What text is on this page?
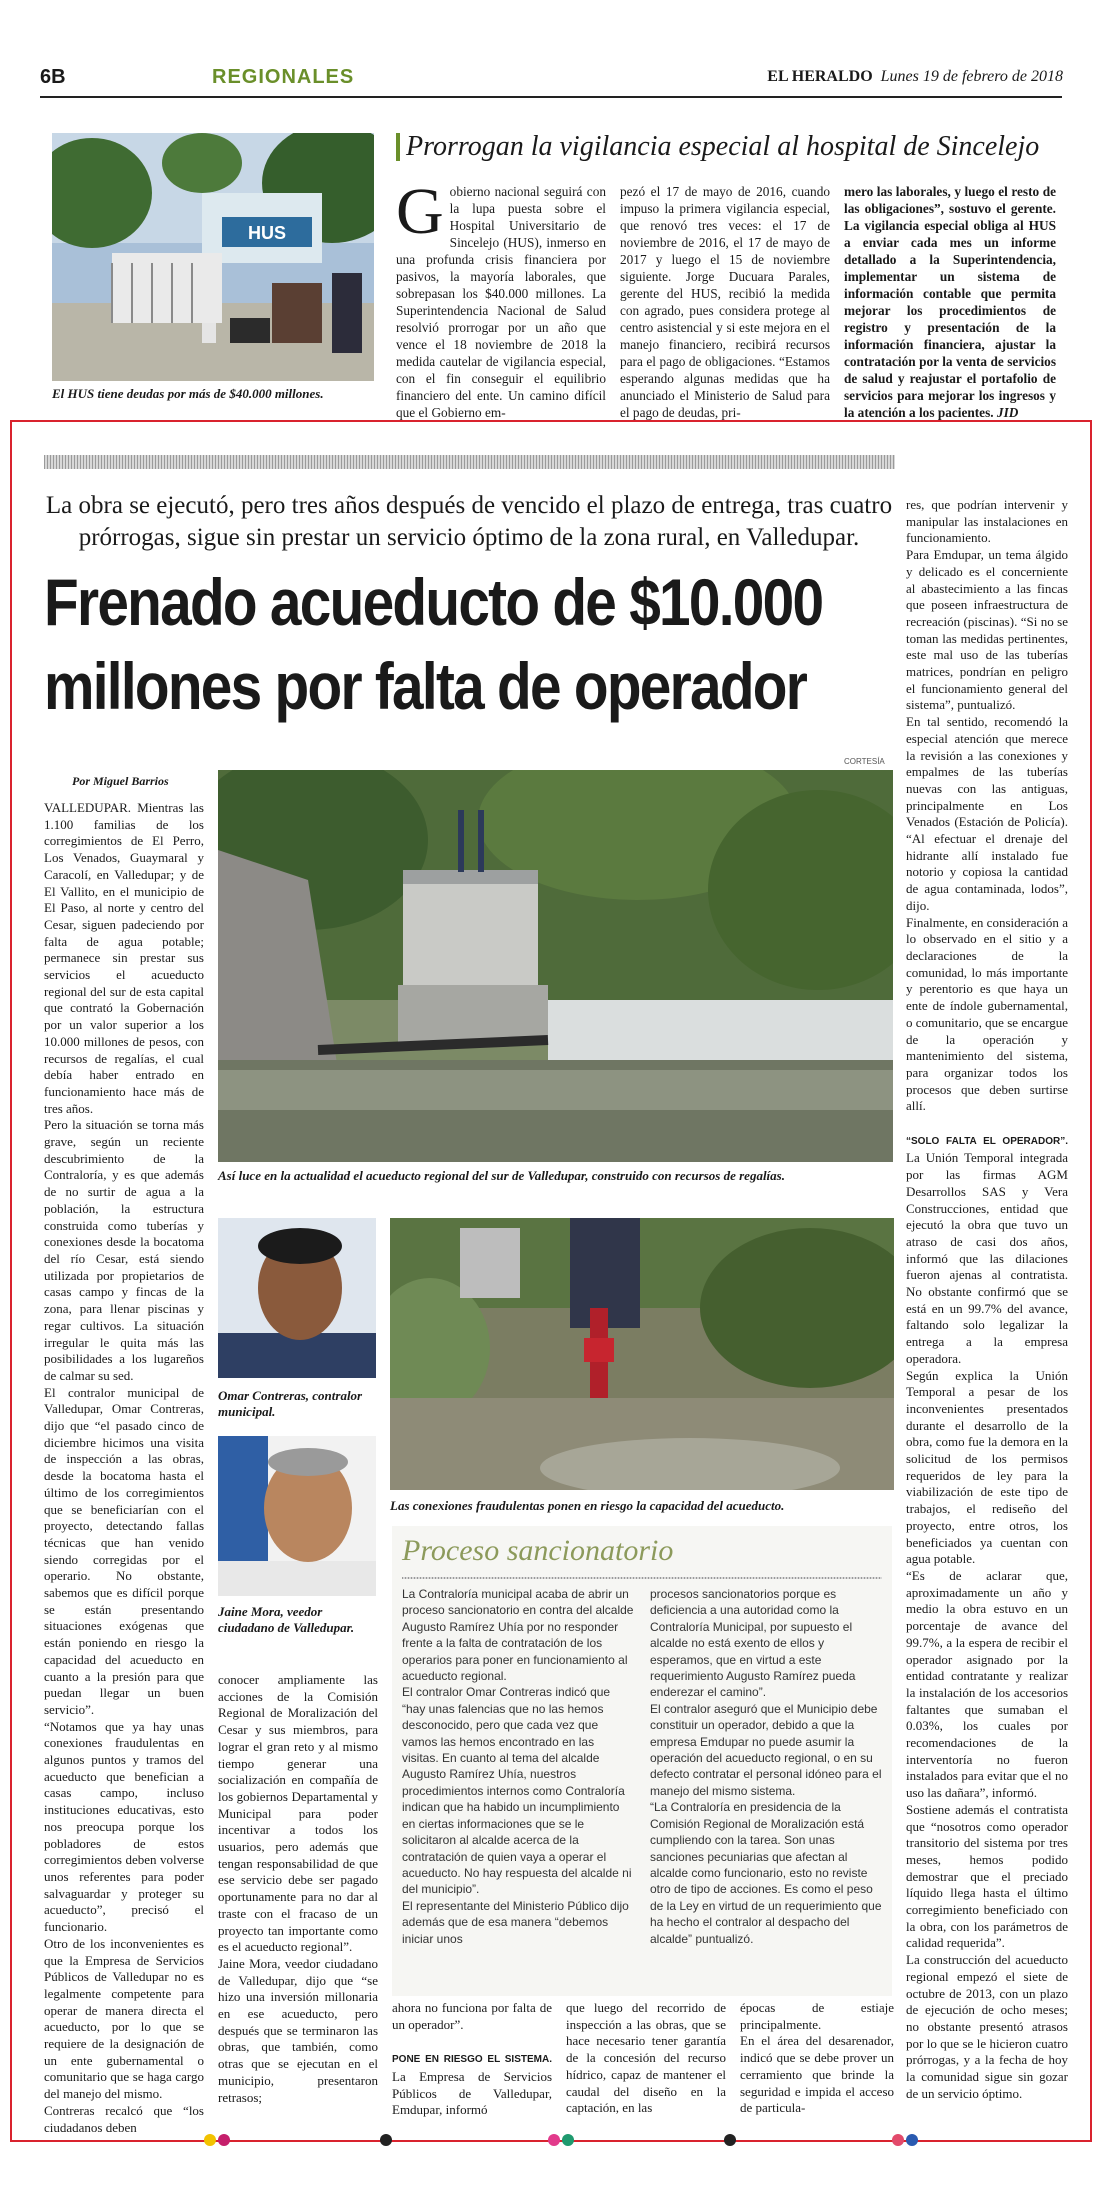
6B	REGIONALES	EL HERALDO Lunes 19 de febrero de 2018
HUS
El HUS tiene deudas por más de $40.000 millones.
Prorrogan la vigilancia especial al hospital de Sincelejo
Gobierno nacional seguirá con la lupa puesta sobre el Hospital Universitario de Sincelejo (HUS), inmerso en una profunda crisis financiera por pasivos, la mayoría laborales, que sobrepasan los $40.000 millones. La Superintendencia Nacional de Salud resolvió prorrogar por un año que vence el 18 noviembre de 2018 la medida cautelar de vigilancia especial, con el fin conseguir el equilibrio financiero del ente. Un camino difícil que el Gobierno em-
pezó el 17 de mayo de 2016, cuando impuso la primera vigilancia especial, que renovó tres veces: el 17 de noviembre de 2016, el 17 de mayo de 2017 y luego el 15 de noviembre siguiente. Jorge Ducuara Parales, gerente del HUS, recibió la medida con agrado, pues considera protege al centro asistencial y si este mejora en el manejo financiero, recibirá recursos para el pago de obligaciones. “Estamos esperando algunas medidas que ha anunciado el Ministerio de Salud para el pago de deudas, pri-
mero las laborales, y luego el resto de las obligaciones”, sostuvo el gerente. La vigilancia especial obliga al HUS a enviar cada mes un informe detallado a la Superintendencia, implementar un sistema de información contable que permita mejorar los procedimientos de registro y presentación de la información financiera, ajustar la contratación por la venta de servicios de salud y reajustar el portafolio de servicios para mejorar los ingresos y la atención a los pacientes. JID
La obra se ejecutó, pero tres años después de vencido el plazo de entrega, tras cuatro prórrogas, sigue sin prestar un servicio óptimo de la zona rural, en Valledupar.
Frenado acueducto de $10.000
millones por falta de operador
Por Miguel Barrios
CORTESÍA
VALLEDUPAR. Mientras las 1.100 familias de los corregimientos de El Perro, Los Venados, Guaymaral y Caracolí, en Valledupar; y de El Vallito, en el municipio de El Paso, al norte y centro del Cesar, siguen padeciendo por falta de agua potable; permanece sin prestar sus servicios el acueducto regional del sur de esta capital que contrató la Gobernación por un valor superior a los 10.000 millones de pesos, con recursos de regalías, el cual debía haber entrado en funcionamiento hace más de tres años.
Pero la situación se torna más grave, según un reciente descubrimiento de la Contraloría, y es que además de no surtir de agua a la población, la estructura construida como tuberías y conexiones desde la bocatoma del río Cesar, está siendo utilizada por propietarios de casas campo y fincas de la zona, para llenar piscinas y regar cultivos. La situación irregular le quita más las posibilidades a los lugareños de calmar su sed.
El contralor municipal de Valledupar, Omar Contreras, dijo que “el pasado cinco de diciembre hicimos una visita de inspección a las obras, desde la bocatoma hasta el último de los corregimientos que se beneficiarían con el proyecto, detectando fallas técnicas que han venido siendo corregidas por el operario. No obstante, sabemos que es difícil porque se están presentando situaciones exógenas que están poniendo en riesgo la capacidad del acueducto en cuanto a la presión para que puedan llegar un buen servicio”.
“Notamos que ya hay unas conexiones fraudulentas en algunos puntos y tramos del acueducto que benefician a casas campo, incluso instituciones educativas, esto nos preocupa porque los pobladores de estos corregimientos deben volverse unos referentes para poder salvaguardar y proteger su acueducto”, precisó el funcionario.
Otro de los inconvenientes es que la Empresa de Servicios Públicos de Valledupar no es legalmente competente para operar de manera directa el acueducto, por lo que se requiere de la designación de un ente gubernamental o comunitario que se haga cargo del manejo del mismo.
Contreras recalcó que “los ciudadanos deben
Así luce en la actualidad el acueducto regional del sur de Valledupar, construido con recursos de regalías.
Omar Contreras, contralor municipal.
Jaine Mora, veedor ciudadano de Valledupar.
Las conexiones fraudulentas ponen en riesgo la capacidad del acueducto.
Proceso sancionatorio
La Contraloría municipal acaba de abrir un proceso sancionatorio en contra del alcalde Augusto Ramírez Uhía por no responder frente a la falta de contratación de los operarios para poner en funcionamiento al acueducto regional.
El contralor Omar Contreras indicó que “hay unas falencias que no las hemos desconocido, pero que cada vez que vamos las hemos encontrado en las visitas. En cuanto al tema del alcalde Augusto Ramírez Uhía, nuestros procedimientos internos como Contraloría indican que ha habido un incumplimiento en ciertas informaciones que se le solicitaron al alcalde acerca de la contratación de quien vaya a operar el acueducto. No hay respuesta del alcalde ni del municipio”.
El representante del Ministerio Público dijo además que de esa manera “debemos iniciar unos
procesos sancionatorios porque es deficiencia a una autoridad como la Contraloría Municipal, por supuesto el alcalde no está exento de ellos y esperamos, que en virtud a este requerimiento Augusto Ramírez pueda enderezar el camino”.
El contralor aseguró que el Municipio debe constituir un operador, debido a que la empresa Emdupar no puede asumir la operación del acueducto regional, o en su defecto contratar el personal idóneo para el manejo del mismo sistema.
“La Contraloría en presidencia de la Comisión Regional de Moralización está cumpliendo con la tarea. Son unas sanciones pecuniarias que afectan al alcalde como funcionario, esto no reviste otro de tipo de acciones. Es como el peso de la Ley en virtud de un requerimiento que ha hecho el contralor al despacho del alcalde” puntualizó.
conocer ampliamente las acciones de la Comisión Regional de Moralización del Cesar y sus miembros, para lograr el gran reto y al mismo tiempo generar una socialización en compañía de los gobiernos Departamental y Municipal para poder incentivar a todos los usuarios, pero además que tengan responsabilidad de que ese servicio debe ser pagado oportunamente para no dar al traste con el fracaso de un proyecto tan importante como es el acueducto regional”.
Jaine Mora, veedor ciudadano de Valledupar, dijo que “se hizo una inversión millonaria en ese acueducto, pero después que se terminaron las obras, que también, como otras que se ejecutan en el municipio, presentaron retrasos;
ahora no funciona por falta de un operador”.

PONE EN RIESGO EL SISTEMA. La Empresa de Servicios Públicos de Valledupar, Emdupar, informó
que luego del recorrido de inspección a las obras, que se hace necesario tener garantía de la concesión del recurso hídrico, capaz de mantener el caudal del diseño en la captación, en las
épocas de estiaje principalmente.
En el área del desarenador, indicó que se debe prover un cerramiento que brinde la seguridad e impida el acceso de particula-
res, que podrían intervenir y manipular las instalaciones en funcionamiento.
Para Emdupar, un tema álgido y delicado es el concerniente al abastecimiento a las fincas que poseen infraestructura de recreación (piscinas). “Si no se toman las medidas pertinentes, este mal uso de las tuberías matrices, pondrían en peligro el funcionamiento general del sistema”, puntualizó.
En tal sentido, recomendó la especial atención que merece la revisión a las conexiones y empalmes de las tuberías nuevas con las antiguas, principalmente en Los Venados (Estación de Policía). “Al efectuar el drenaje del hidrante allí instalado fue notorio y copiosa la cantidad de agua contaminada, lodos”, dijo.
Finalmente, en consideración a lo observado en el sitio y a declaraciones de la comunidad, lo más importante y perentorio es que haya un ente de índole gubernamental, o comunitario, que se encargue de la operación y mantenimiento del sistema, para organizar todos los procesos que deben surtirse allí.

“SOLO FALTA EL OPERADOR”. La Unión Temporal integrada por las firmas AGM Desarrollos SAS y Vera Construcciones, entidad que ejecutó la obra que tuvo un atraso de casi dos años, informó que las dilaciones fueron ajenas al contratista. No obstante confirmó que se está en un 99.7% del avance, faltando solo legalizar la entrega a la empresa operadora.
Según explica la Unión Temporal a pesar de los inconvenientes presentados durante el desarrollo de la obra, como fue la demora en la solicitud de los permisos requeridos de ley para la viabilización de este tipo de trabajos, el rediseño del proyecto, entre otros, los beneficiados ya cuentan con agua potable.
“Es de aclarar que, aproximadamente un año y medio la obra estuvo en un porcentaje de avance del 99.7%, a la espera de recibir el operador asignado por la entidad contratante y realizar la instalación de los accesorios faltantes que sumaban el 0.03%, los cuales por recomendaciones de la interventoría no fueron instalados para evitar que el no uso las dañara”, informó.
Sostiene además el contratista que “nosotros como operador transitorio del sistema por tres meses, hemos podido demostrar que el preciado líquido llega hasta el último corregimiento beneficiado con la obra, con los parámetros de calidad requerida”.
La construcción del acueducto regional empezó el siete de octubre de 2013, con un plazo de ejecución de ocho meses; no obstante presentó atrasos por lo que se le hicieron cuatro prórrogas, y a la fecha de hoy la comunidad sigue sin gozar de un servicio óptimo.
